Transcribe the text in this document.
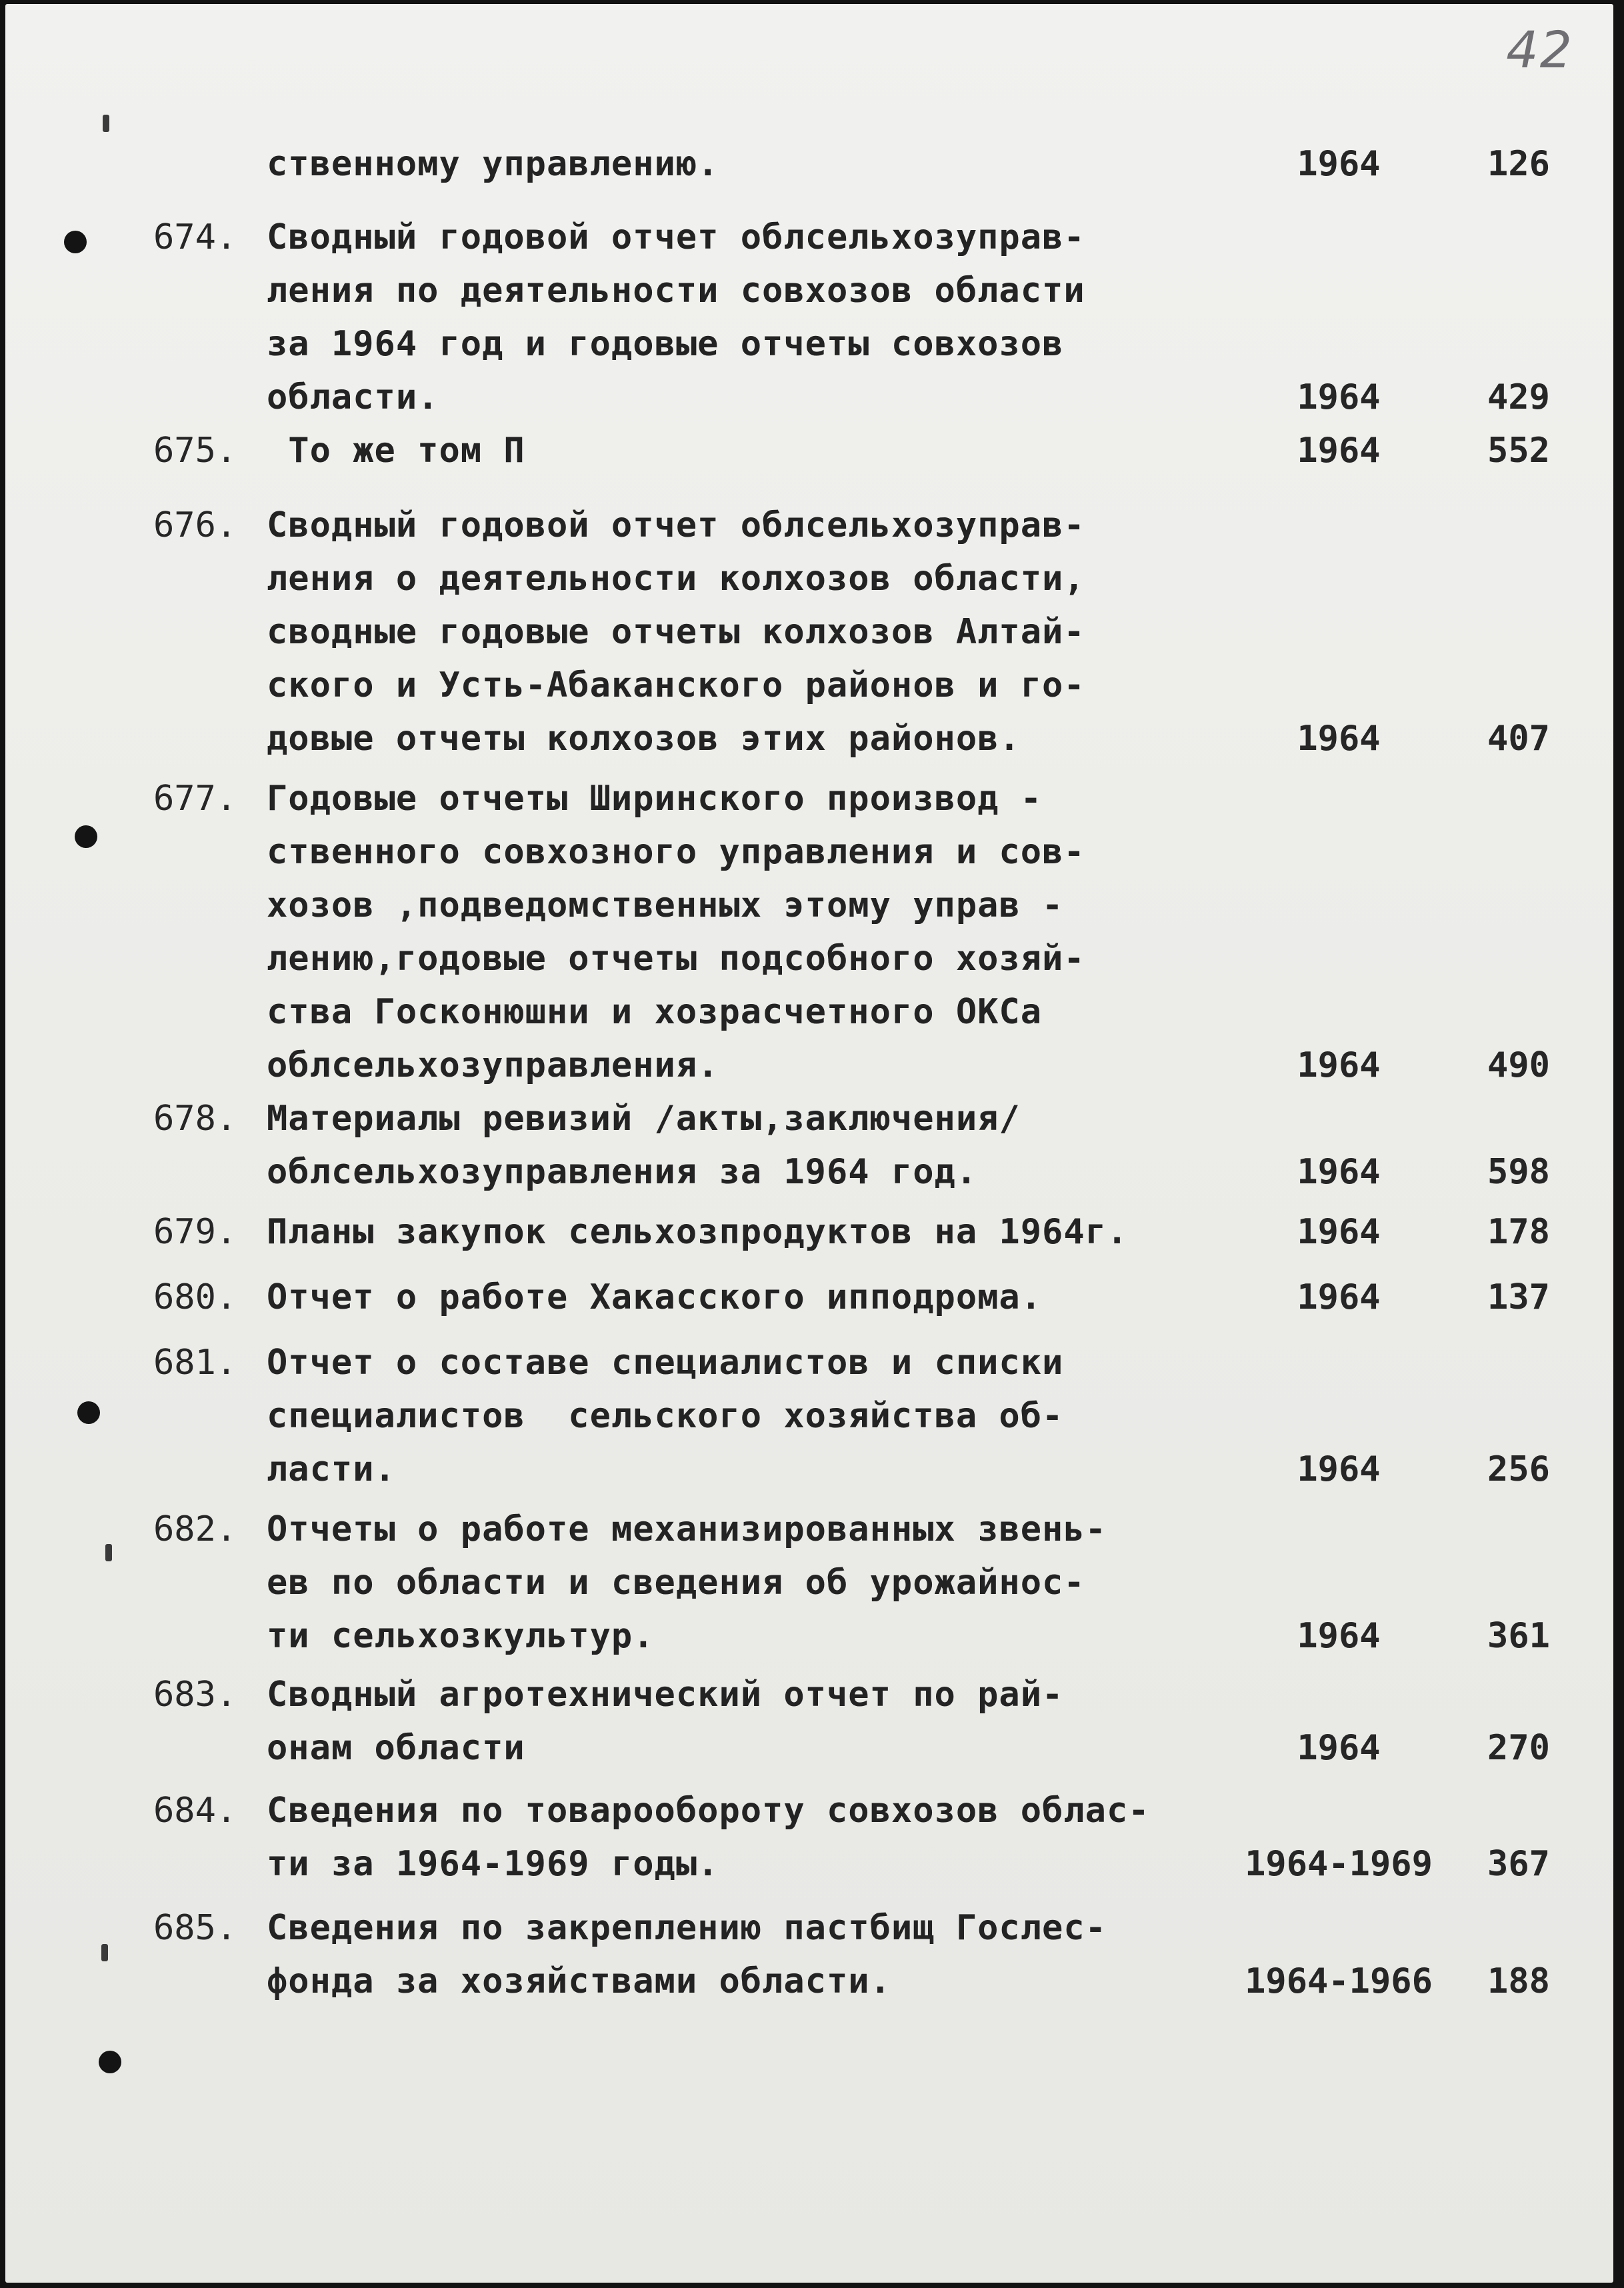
42
ственному управлению.	1964	126
674. Сводный годовой отчет облсельхозуправ-
ления по деятельности совхозов области
за 1964 год и годовые отчеты совхозов
области.	1964	429
675. То же том П	1964	552
676. Сводный годовой отчет облсельхозуправ-
ления о деятельности колхозов области,
сводные годовые отчеты колхозов Алтай-
ского и Усть-Абаканского районов и го-
довые отчеты колхозов этих районов.	1964	407
677. Годовые отчеты Ширинского производ -
ственного совхозного управления и сов-
хозов ,подведомственных этому управ -
лению,годовые отчеты подсобного хозяй-
ства Госконюшни и хозрасчетного ОКСа
облсельхозуправления.	1964	490
678. Материалы ревизий /акты,заключения/
облсельхозуправления за 1964 год.	1964	598
679. Планы закупок сельхозпродуктов на 1964г.	1964	178
680. Отчет о работе Хакасского ипподрома.	1964	137
681. Отчет о составе специалистов и списки
специалистов  сельского хозяйства об-
ласти.	1964	256
682. Отчеты о работе механизированных звень-
ев по области и сведения об урожайнос-
ти сельхозкультур.	1964	361
683. Сводный агротехнический отчет по рай-
онам области	1964	270
684. Сведения по товарообороту совхозов облас-
ти за 1964-1969 годы.	1964-1969	367
685. Сведения по закреплению пастбищ Гослес-
фонда за хозяйствами области.	1964-1966	188
